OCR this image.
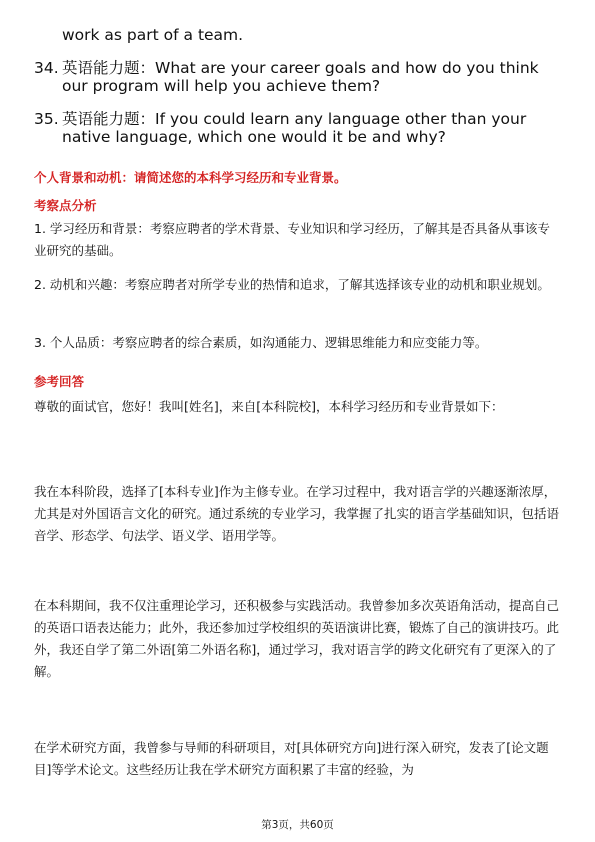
work as part of a team.
34. 英语能力题：What are your career goals and how do you think our program will help you achieve them?
35. 英语能力题：If you could learn any language other than your native language, which one would it be and why?
个人背景和动机：请简述您的本科学习经历和专业背景。
考察点分析
1. 学习经历和背景：考察应聘者的学术背景、专业知识和学习经历，了解其是否具备从事该专业研究的基础。
2. 动机和兴趣：考察应聘者对所学专业的热情和追求，了解其选择该专业的动机和职业规划。
3. 个人品质：考察应聘者的综合素质，如沟通能力、逻辑思维能力和应变能力等。
参考回答
尊敬的面试官，您好！我叫[姓名]，来自[本科院校]，本科学习经历和专业背景如下：
我在本科阶段，选择了[本科专业]作为主修专业。在学习过程中，我对语言学的兴趣逐渐浓厚，尤其是对外国语言文化的研究。通过系统的专业学习，我掌握了扎实的语言学基础知识，包括语音学、形态学、句法学、语义学、语用学等。
在本科期间，我不仅注重理论学习，还积极参与实践活动。我曾参加多次英语角活动，提高自己的英语口语表达能力；此外，我还参加过学校组织的英语演讲比赛，锻炼了自己的演讲技巧。此外，我还自学了第二外语[第二外语名称]，通过学习，我对语言学的跨文化研究有了更深入的了解。
在学术研究方面，我曾参与导师的科研项目，对[具体研究方向]进行深入研究，发表了[论文题目]等学术论文。这些经历让我在学术研究方面积累了丰富的经验，为
第3页，共60页
